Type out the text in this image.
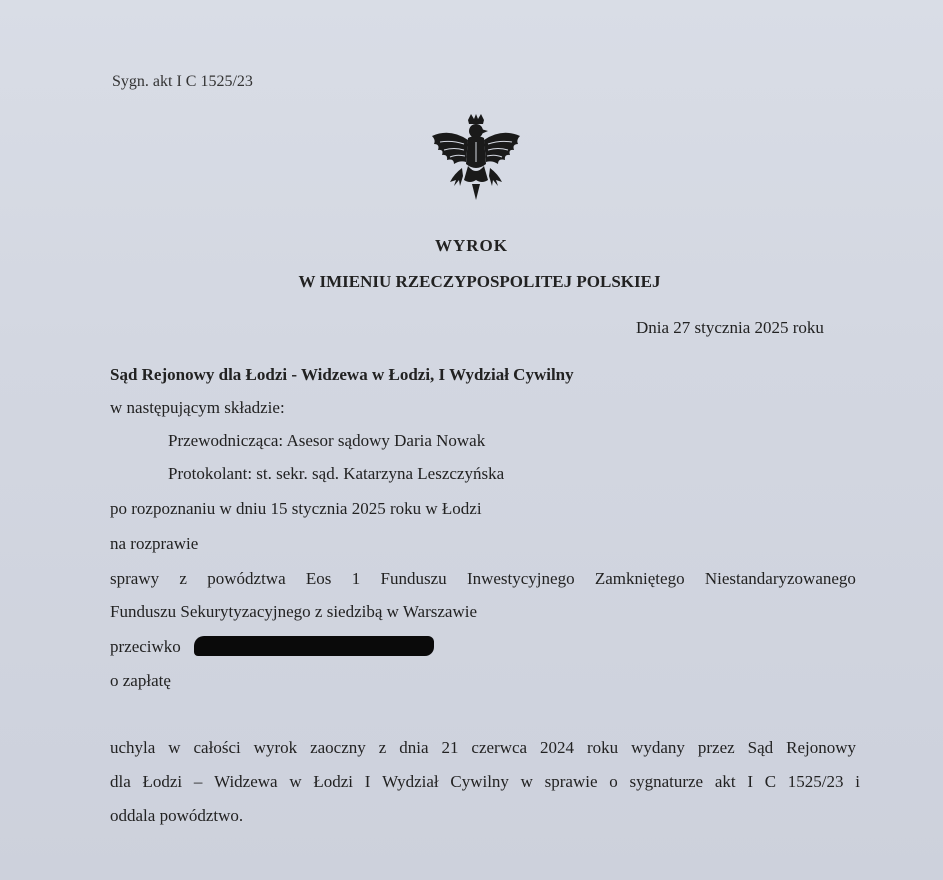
Sygn. akt I C 1525/23
WYROK
W IMIENIU RZECZYPOSPOLITEJ POLSKIEJ
Dnia 27 stycznia 2025 roku
Sąd Rejonowy dla Łodzi - Widzewa w Łodzi, I Wydział Cywilny
w następującym składzie:
Przewodnicząca: Asesor sądowy Daria Nowak
Protokolant: st. sekr. sąd. Katarzyna Leszczyńska
po rozpoznaniu w dniu 15 stycznia 2025 roku w Łodzi
na rozprawie
sprawy z powództwa Eos 1 Funduszu Inwestycyjnego Zamkniętego Niestandaryzowanego
Funduszu Sekurytyzacyjnego z siedzibą w Warszawie
przeciwko
o zapłatę
uchyla w całości wyrok zaoczny z dnia 21 czerwca 2024 roku wydany przez Sąd Rejonowy
dla Łodzi – Widzewa w Łodzi I Wydział Cywilny w sprawie o sygnaturze akt I C 1525/23 i
oddala powództwo.
